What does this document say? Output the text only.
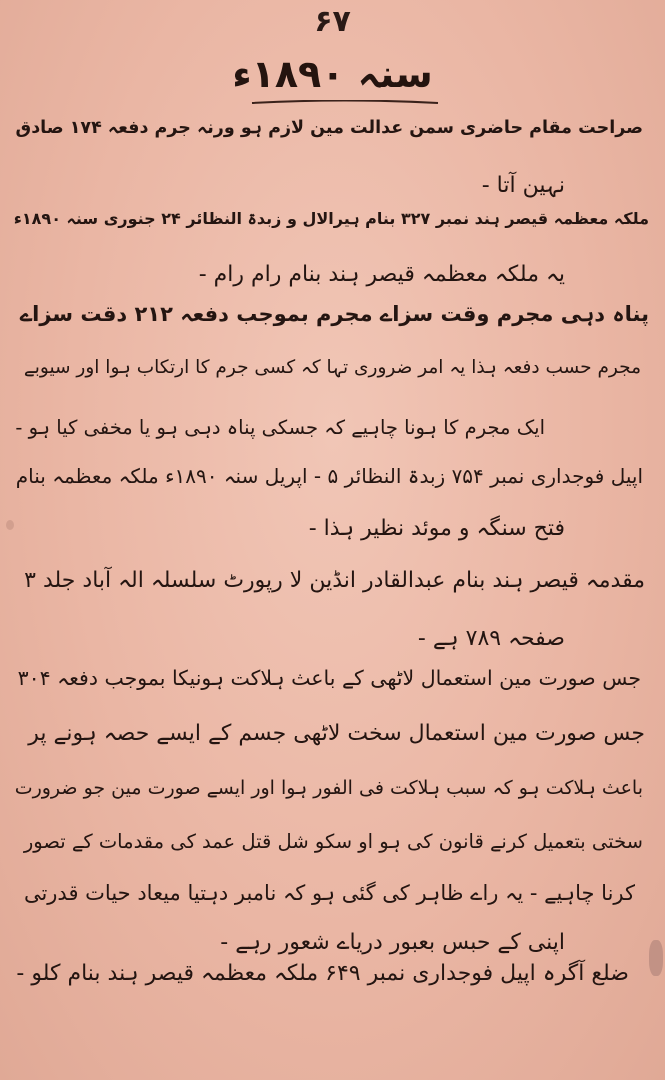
۶۷
سنہ ۱۸۹۰ء
صراحت مقام حاضری سمن عدالت مین لازم ہو ورنہ جرم دفعہ ۱۷۴ صادق
نہین آتا -
ملکہ معظمہ قیصر ہند نمبر ۳۲۷ بنام ہیرالال و زبدۃ النظائر ۲۴ جنوری سنہ ۱۸۹۰ء
یہ ملکہ معظمہ قیصر ہند بنام رام رام -
پناہ دہی مجرم وقت سزاے مجرم بموجب دفعہ ۲۱۲ دقت سزاے
مجرم حسب دفعہ ہذا یہ امر ضروری تہا کہ کسی جرم کا ارتکاب ہوا اور سیوبے
ایک مجرم کا ہونا چاہیے کہ جسکی پناہ دہی ہو یا مخفی کیا ہو -
اپیل فوجداری نمبر ۷۵۴ زبدۃ النظائر ۵ - اپریل سنہ ۱۸۹۰ء ملکہ معظمہ بنام
فتح سنگہ و موئد نظیر ہذا -
مقدمہ قیصر ہند بنام عبدالقادر انڈین لا رپورٹ سلسلہ الہ آباد جلد ۳
صفحہ ۷۸۹ ہے -
جس صورت مین استعمال لاٹھی کے باعث ہلاکت ہونیکا بموجب دفعہ ۳۰۴
جس صورت مین استعمال سخت لاٹھی جسم کے ایسے حصہ ہونے پر
باعث ہلاکت ہو کہ سبب ہلاکت فی الفور ہوا اور ایسے صورت مین جو ضرورت
سختی بتعمیل کرنے قانون کی ہو او سکو شل قتل عمد کی مقدمات کے تصور
کرنا چاہیے - یہ راے ظاہر کی گئی ہو کہ نامبر دہتیا میعاد حیات قدرتی
اپنی کے حبس بعبور دریاے شعور رہے -
ضلع آگرہ اپیل فوجداری نمبر ۶۴۹ ملکہ معظمہ قیصر ہند بنام کلو -
